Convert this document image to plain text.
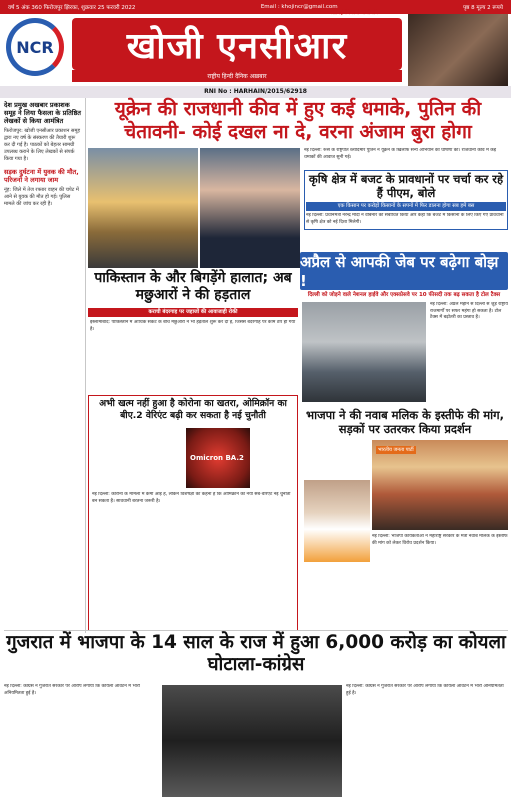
वर्ष 5 अंक 360 फिरोजपुर झिरका, शुक्रवार 25 फरवरी 2022	Email : khojincr@gmail.com	पृष्ठ 8 मूल्य 2 रूपये
NCR
सफ़ाई नियत्ति सर्वोपरि
खोजी एनसीआर
राष्ट्रीय हिन्दी दैनिक अख़बार
RNI No : HARHAIN/2015/62918
देश प्रमुख अखबार प्रकाशक समूह ने लिया फैसला के प्रतिष्ठित लेखकों से किया आमंत्रित
फिरोजपुर: खोजी एनसीआर प्रकाशन समूह द्वारा नए वर्ष के संस्करण की तैयारी शुरू कर दी गई है। पाठकों को बेहतर सामग्री उपलब्ध कराने के लिए लेखकों से संपर्क किया गया है।
सड़क दुर्घटना में युवक की मौत, परिजनों ने लगाया जाम
नूंह: जिले में तेज रफ्तार वाहन की चपेट में आने से युवक की मौत हो गई। पुलिस मामले की जांच कर रही है।
यूक्रेन की राजधानी कीव में हुए कई धमाके, पुतिन की चेतावनी- कोई दखल ना दे, वरना अंजाम बुरा होगा
नई दिल्ली: रूस के राष्ट्रपति व्लादिमीर पुतिन ने यूक्रेन के खिलाफ सैन्य अभियान की घोषणा की। राजधानी कीव में कई धमाकों की आवाज सुनी गई।
कृषि क्षेत्र में बजट के प्रावधानों पर चर्चा कर रहे हैं पीएम, बोले
एक किसान पर करोड़ों किसानों के सपनों में फिर डालना होगा सब हमें बस
नई दिल्ली: प्रधानमंत्री नरेन्द्र मोदी ने वेबिनार को संबोधित किया और कहा कि बजट में किसानों के लिए किए गए प्रावधानों से कृषि क्षेत्र को नई दिशा मिलेगी।
पाकिस्तान के और बिगड़ेंगे हालात; अब मछुआरों ने की हड़ताल
कराची बंदरगाह पर जहाजों की आवाजाही रोकी
इस्लामाबाद: पाकिस्तान में आर्थिक संकट के बीच मछुआरों ने भी हड़ताल शुरू कर दी है, जिससे बंदरगाह पर काम ठप हो गया है।
अप्रैल से आपकी जेब पर बढ़ेगा बोझ !
दिल्ली को जोड़ने वाले नेशनल हाईवे और एक्सप्रेसवे पर 10 फीसदी तक बढ़ सकता है टोल टैक्स
नई दिल्ली: अप्रैल महीने से दिल्ली से जुड़े राष्ट्रीय राजमार्गों पर सफर महंगा हो सकता है। टोल टैक्स में बढ़ोतरी का प्रस्ताव है।
अभी खत्म नहीं हुआ है कोरोना का खतरा, ओमिक्रॉन का बीए.2 वेरिएंट बढ़ी कर सकता है नई चुनौती
Omicron BA.2
नई दिल्ली: कोरोना के मामलों में कमी आई है, लेकिन विशेषज्ञों का कहना है कि ओमिक्रॉन का नया सब-वेरिएंट नई चुनौती बन सकता है। सावधानी बरतना जरूरी है।
भाजपा ने की नवाब मलिक के इस्तीफे की मांग, सड़कों पर उतरकर किया प्रदर्शन
भारतीय जनता पार्टी
नई दिल्ली: भाजपा कार्यकर्ताओं ने महाराष्ट्र सरकार के मंत्री नवाब मलिक के इस्तीफे की मांग को लेकर विरोध प्रदर्शन किया।
गुजरात में भाजपा के 14 साल के राज में हुआ 6,000 करोड़ का कोयला घोटाला-कांग्रेस
नई दिल्ली: कांग्रेस ने गुजरात सरकार पर आरोप लगाया कि कोयला आवंटन में भारी अनियमितता हुई है।
नई दिल्ली: कांग्रेस ने गुजरात सरकार पर आरोप लगाया कि कोयला आवंटन में भारी अनियमितता हुई है।
